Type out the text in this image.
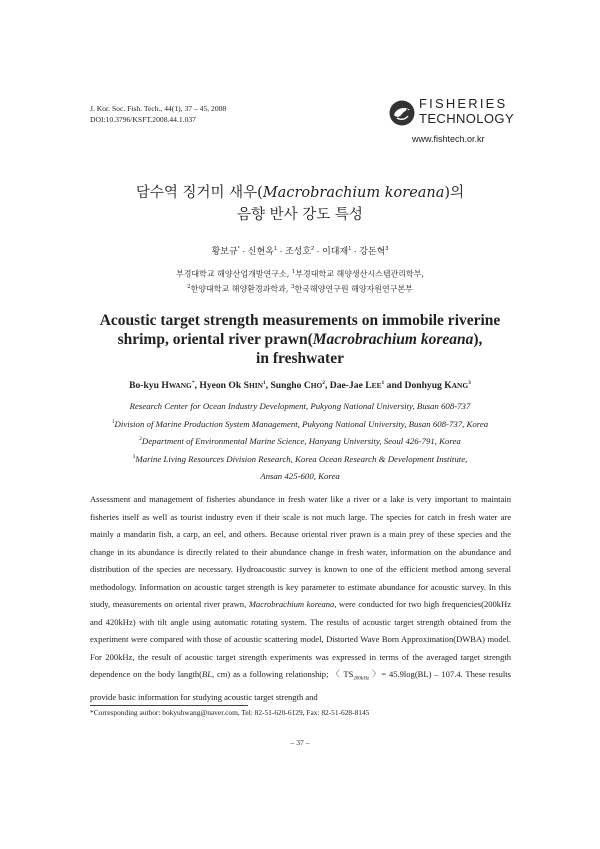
J. Kor. Soc. Fish. Tech., 44(1), 37 – 45, 2008
DOI:10.3796/KSFT.2008.44.1.037
FISHERIES
TECHNOLOGY
www.fishtech.or.kr
담수역 징거미 새우(Macrobrachium koreana)의
음향 반사 강도 특성
황보규* · 신현옥$^1$ · 조성호$^2$ · 이대재$^1$ · 강돈혁$^3$
부경대학교 해양산업개발연구소, $^1$부경대학교 해양생산시스템관리학부,
$^2$한양대학교 해양환경과학과, $^3$한국해양연구원 해양자원연구본부
Acoustic target strength measurements on immobile riverine
shrimp, oriental river prawn(Macrobrachium koreana),
in freshwater
Bo-kyu HWANG*, Hyeon Ok SHIN$^1$, Sungho CHO$^2$, Dae-Jae LEE$^1$ and Donhyug KANG$^3$
Research Center for Ocean Industry Development, Pukyong National University, Busan 608-737
$^1$Division of Marine Production System Management, Pukyong National University, Busan 608-737, Korea
$^2$Department of Environmental Marine Science, Hanyang University, Seoul 426-791, Korea
$^3$Marine Living Resources Division Research, Korea Ocean Research & Development Institute,
Ansan 425-600, Korea
Assessment and management of fisheries abundance in fresh water like a river or a lake is very important to maintain fisheries itself as well as tourist industry even if their scale is not much large. The species for catch in fresh water are mainly a mandarin fish, a carp, an eel, and others. Because oriental river prawn is a main prey of these species and the change in its abundance is directly related to their abundance change in fresh water, information on the abundance and distribution of the species are necessary. Hydroacoustic survey is known to one of the efficient method among several methodology. Information on acoustic target strength is key parameter to estimate abundance for acoustic survey. In this study, measurements on oriental river prawn, Macrobrachium koreana, were conducted for two high frequencies(200kHz and 420kHz) with tilt angle using automatic rotating system. The results of acoustic target strength obtained from the experiment were compared with those of acoustic scattering model, Distorted Wave Born Approximation(DWBA) model. For 200kHz, the result of acoustic target strength experiments was expressed in terms of the averaged target strength dependence on the body langth(BL, cm) as a following relationship; 〈 $TS_{200kHz}$ 〉= 45.9log(BL) – 107.4. These results provide basic information for studying acoustic target strength and
*Corresponding author: bokyuhwang@naver.com, Tel: 82-51-620-6129, Fax: 82-51-628-8145
– 37 –
